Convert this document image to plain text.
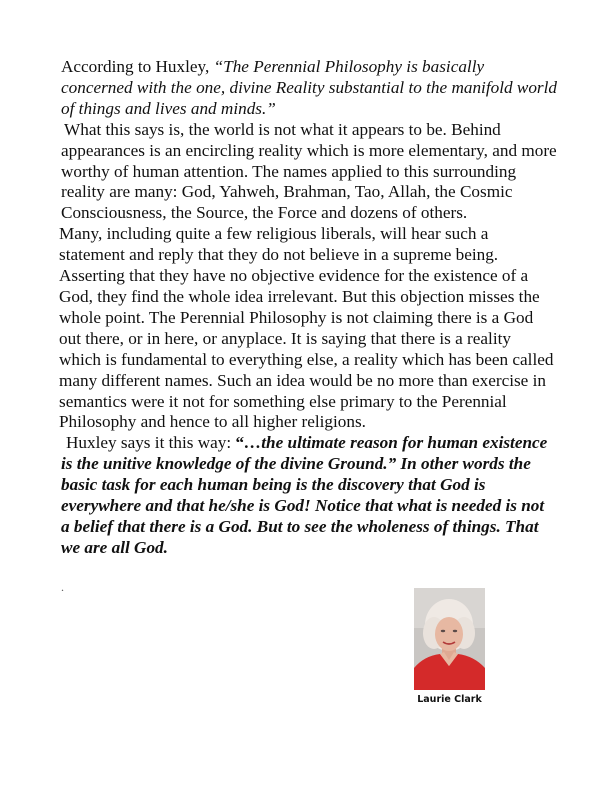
According to Huxley, “The Perennial Philosophy is basically concerned with the one, divine Reality substantial to the manifold world of things and lives and minds.”

What this says is, the world is not what it appears to be. Behind appearances is an encircling reality which is more elementary, and more worthy of human attention. The names applied to this surrounding reality are many: God, Yahweh, Brahman, Tao, Allah, the Cosmic Consciousness, the Source, the Force and dozens of others.

Many, including quite a few religious liberals, will hear such a statement and reply that they do not believe in a supreme being. Asserting that they have no objective evidence for the existence of a God, they find the whole idea irrelevant. But this objection misses the whole point. The Perennial Philosophy is not claiming there is a God out there, or in here, or anyplace. It is saying that there is a reality which is fundamental to everything else, a reality which has been called many different names. Such an idea would be no more than exercise in semantics were it not for something else primary to the Perennial Philosophy and hence to all higher religions.

Huxley says it this way: “…the ultimate reason for human existence is the unitive knowledge of the divine Ground.” In other words the basic task for each human being is the discovery that God is everywhere and that he/she is God! Notice that what is needed is not a belief that there is a God. But to see the wholeness of things. That we are all God.

.
Laurie Clark
